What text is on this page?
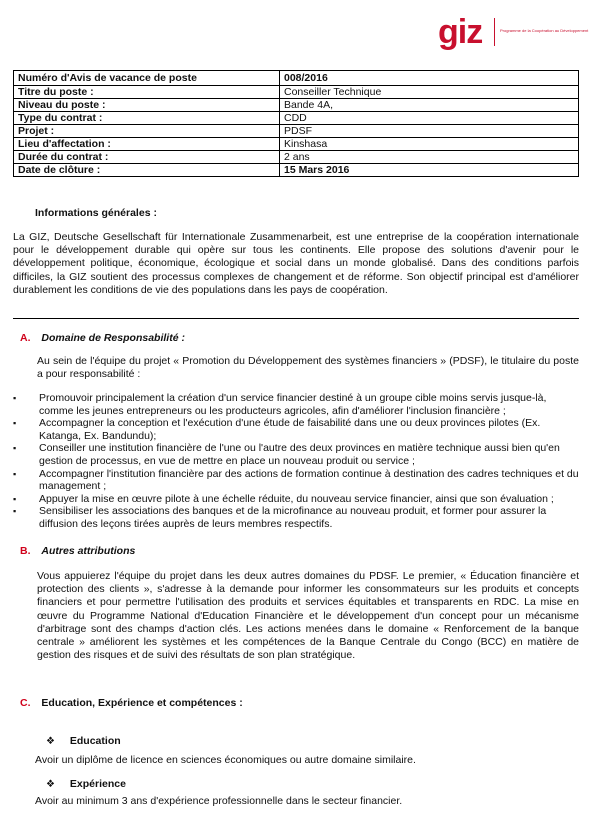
giz	Programme de la Coopération au Développement
Numéro d'Avis de vacance de poste	008/2016
Titre du poste :	Conseiller Technique
Niveau du poste :	Bande 4A,
Type du contrat :	CDD
Projet :	PDSF
Lieu d'affectation :	Kinshasa
Durée du contrat :	2 ans
Date de clôture :	15 Mars 2016
Informations générales :
La GIZ, Deutsche Gesellschaft für Internationale Zusammenarbeit, est une entreprise de la coopération internationale pour le développement durable qui opère sur tous les continents. Elle propose des solutions d'avenir pour le développement politique, économique, écologique et social dans un monde globalisé. Dans des conditions parfois difficiles, la GIZ soutient des processus complexes de changement et de réforme. Son objectif principal est d'améliorer durablement les conditions de vie des populations dans les pays de coopération.
A. Domaine de Responsabilité :
Au sein de l'équipe du projet « Promotion du Développement des systèmes financiers » (PDSF), le titulaire du poste a pour responsabilité :
▪ Promouvoir principalement la création d'un service financier destiné à un groupe cible moins servis jusque-là, comme les jeunes entrepreneurs ou les producteurs agricoles, afin d'améliorer l'inclusion financière ;
▪ Accompagner la conception et l'exécution d'une étude de faisabilité dans une ou deux provinces pilotes (Ex. Katanga, Ex. Bandundu);
▪ Conseiller une institution financière de l'une ou l'autre des deux provinces en matière technique aussi bien qu'en gestion de processus, en vue de mettre en place un nouveau produit ou service ;
▪ Accompagner l'institution financière par des actions de formation continue à destination des cadres techniques et du management ;
▪ Appuyer la mise en œuvre pilote à une échelle réduite, du nouveau service financier, ainsi que son évaluation ;
▪ Sensibiliser les associations des banques et de la microfinance au nouveau produit, et former pour assurer la diffusion des leçons tirées auprès de leurs membres respectifs.
B. Autres attributions
Vous appuierez l'équipe du projet dans les deux autres domaines du PDSF. Le premier, « Éducation financière et protection des clients », s'adresse à la demande pour informer les consommateurs sur les produits et concepts financiers et pour permettre l'utilisation des produits et services équitables et transparents en RDC. La mise en œuvre du Programme National d'Education Financière et le développement d'un concept pour un mécanisme d'arbitrage sont des champs d'action clés. Les actions menées dans le domaine « Renforcement de la banque centrale » améliorent les systèmes et les compétences de la Banque Centrale du Congo (BCC) en matière de gestion des risques et de suivi des résultats de son plan stratégique.
C. Education, Expérience et compétences :
❖ Education
Avoir un diplôme de licence en sciences économiques ou autre domaine similaire.
❖ Expérience
Avoir au minimum 3 ans d'expérience professionnelle dans le secteur financier.
